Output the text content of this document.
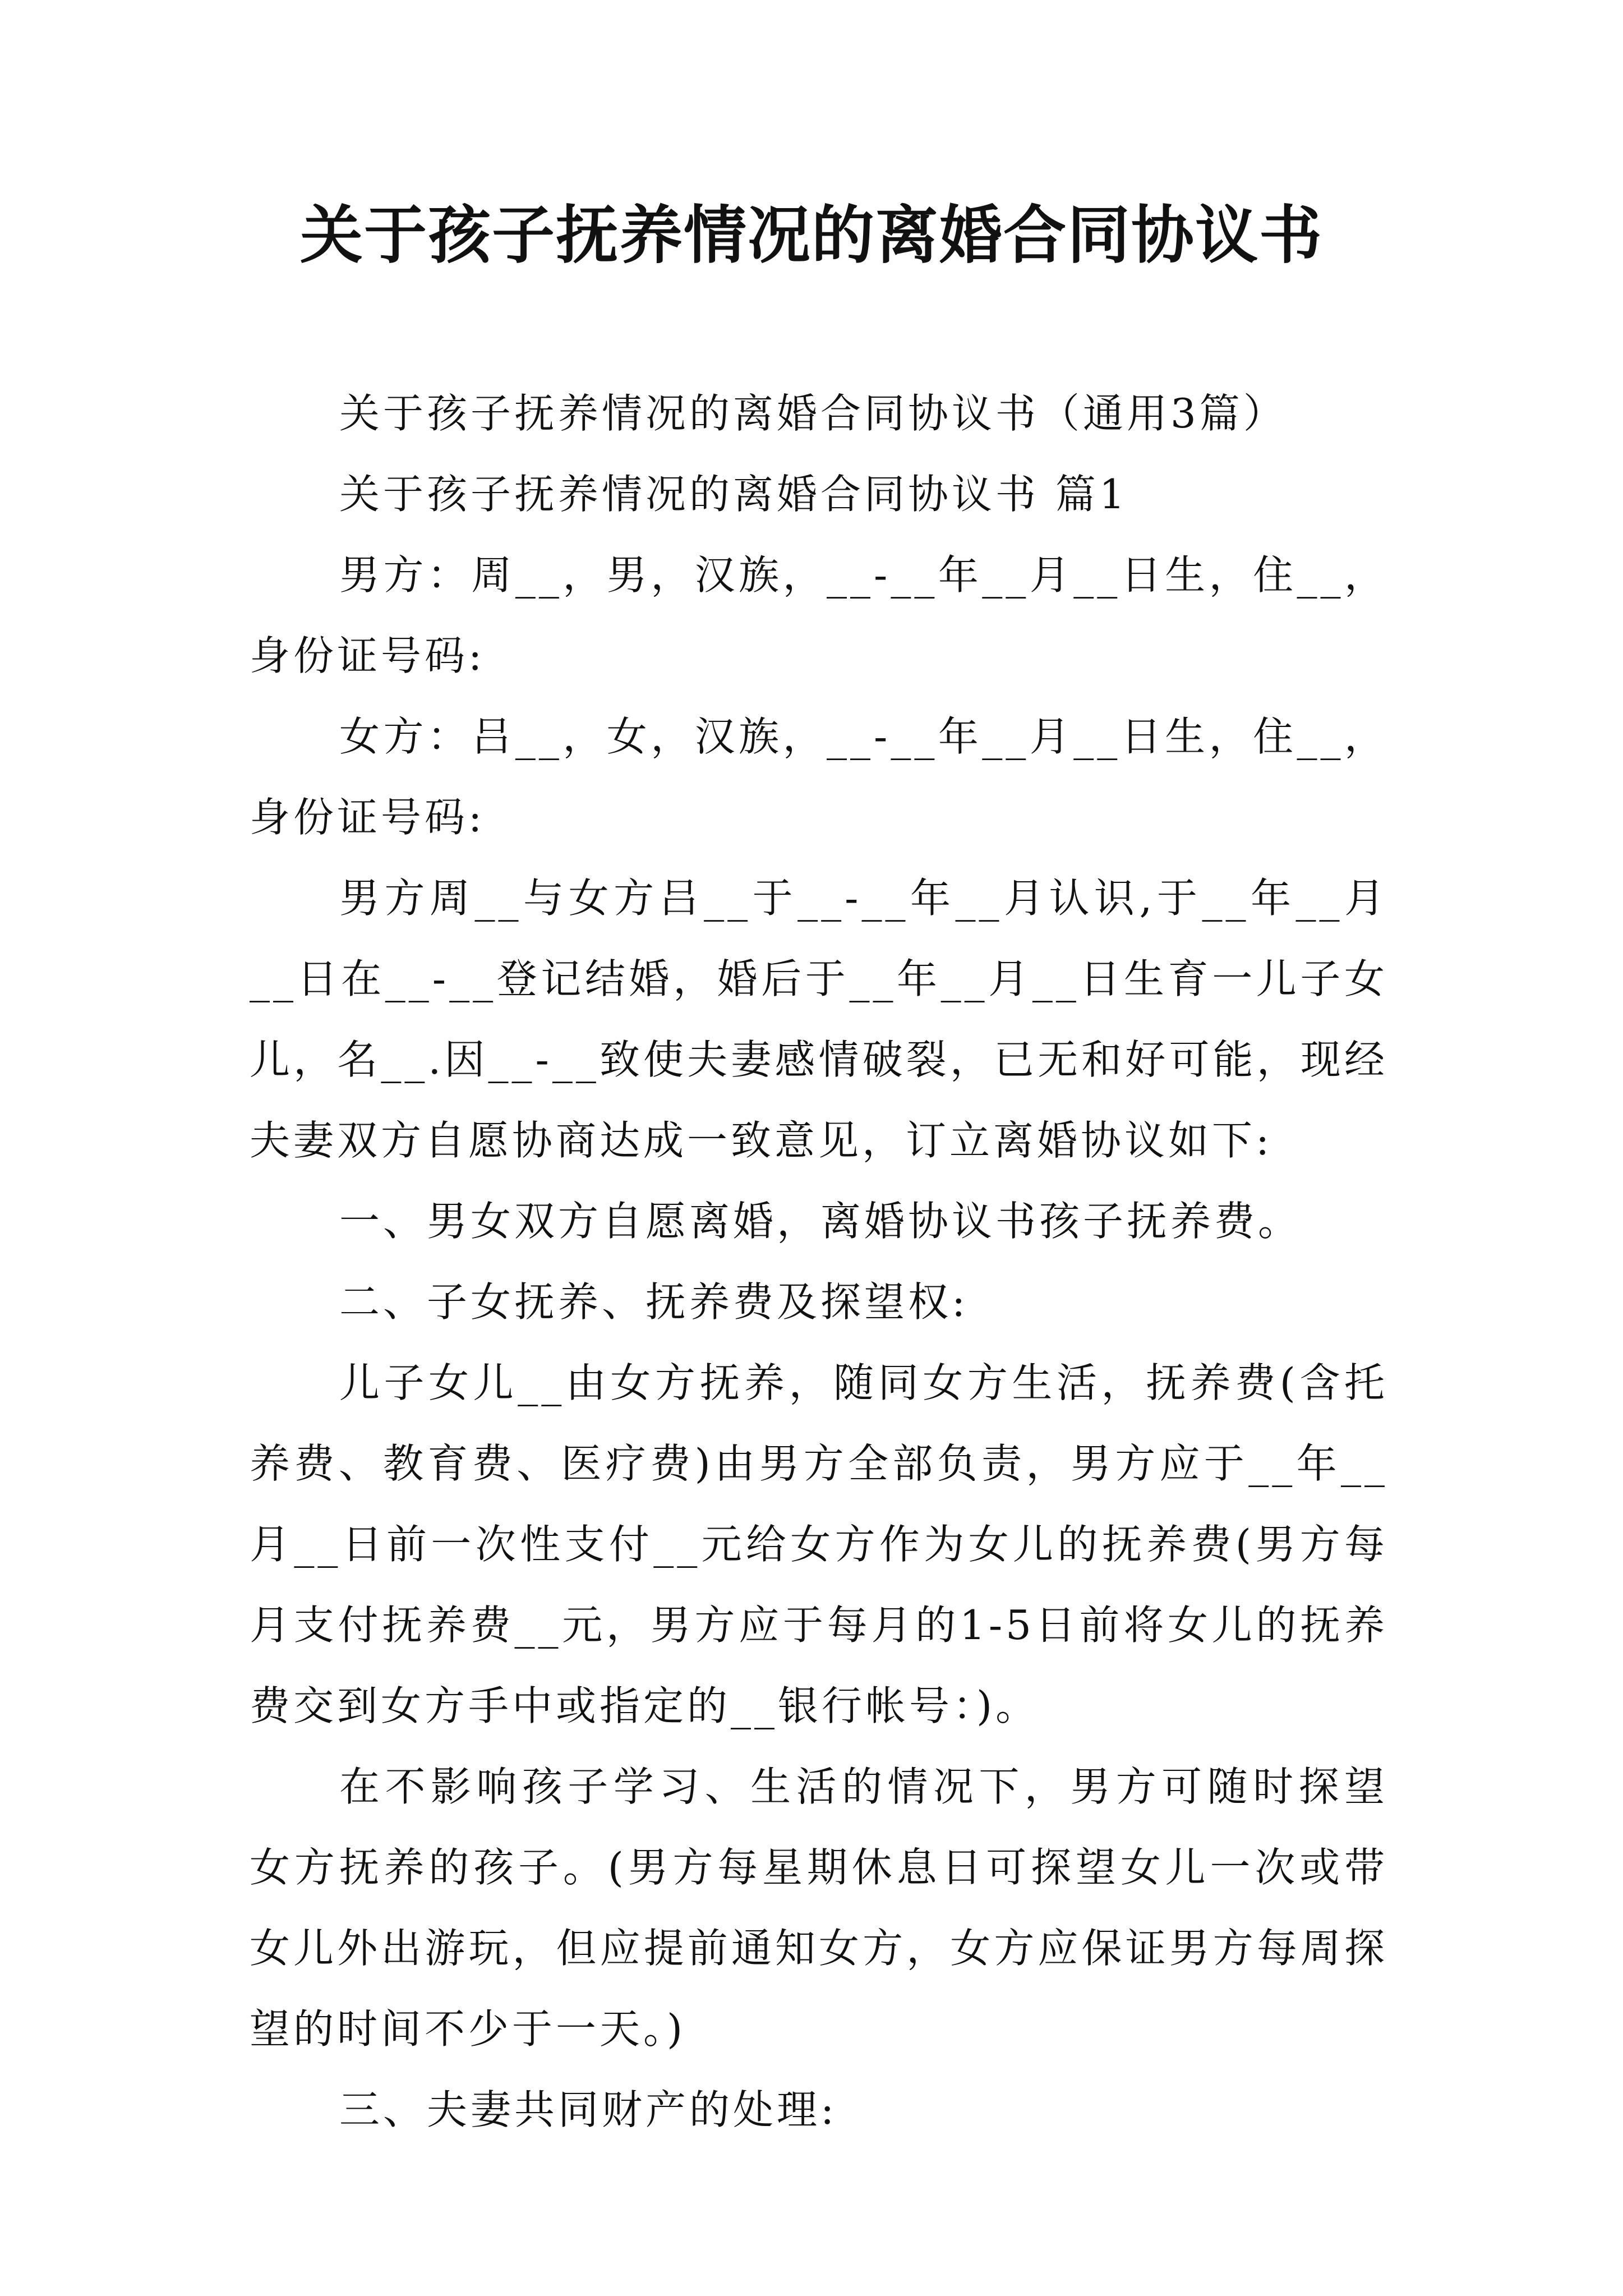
关于孩子抚养情况的离婚合同协议书

关于孩子抚养情况的离婚合同协议书（通用3篇）

关于孩子抚养情况的离婚合同协议书 篇1

男方：周__，男，汉族，__-__年__月__日生，住__，身份证号码:

女方：吕__，女，汉族，__-__年__月__日生，住__，身份证号码:

男方周__与女方吕__于__-__年__月认识,于__年__月__日在__-__登记结婚，婚后于__年__月__日生育一儿子女儿，名__.因__-__致使夫妻感情破裂，已无和好可能，现经夫妻双方自愿协商达成一致意见，订立离婚协议如下:

一、男女双方自愿离婚，离婚协议书孩子抚养费。

二、子女抚养、抚养费及探望权:

儿子女儿__由女方抚养，随同女方生活，抚养费(含托养费、教育费、医疗费)由男方全部负责，男方应于__年__月__日前一次性支付__元给女方作为女儿的抚养费(男方每月支付抚养费__元，男方应于每月的1-5日前将女儿的抚养费交到女方手中或指定的__银行帐号：)。

在不影响孩子学习、生活的情况下，男方可随时探望女方抚养的孩子。(男方每星期休息日可探望女儿一次或带女儿外出游玩，但应提前通知女方，女方应保证男方每周探望的时间不少于一天。)

三、夫妻共同财产的处理:
